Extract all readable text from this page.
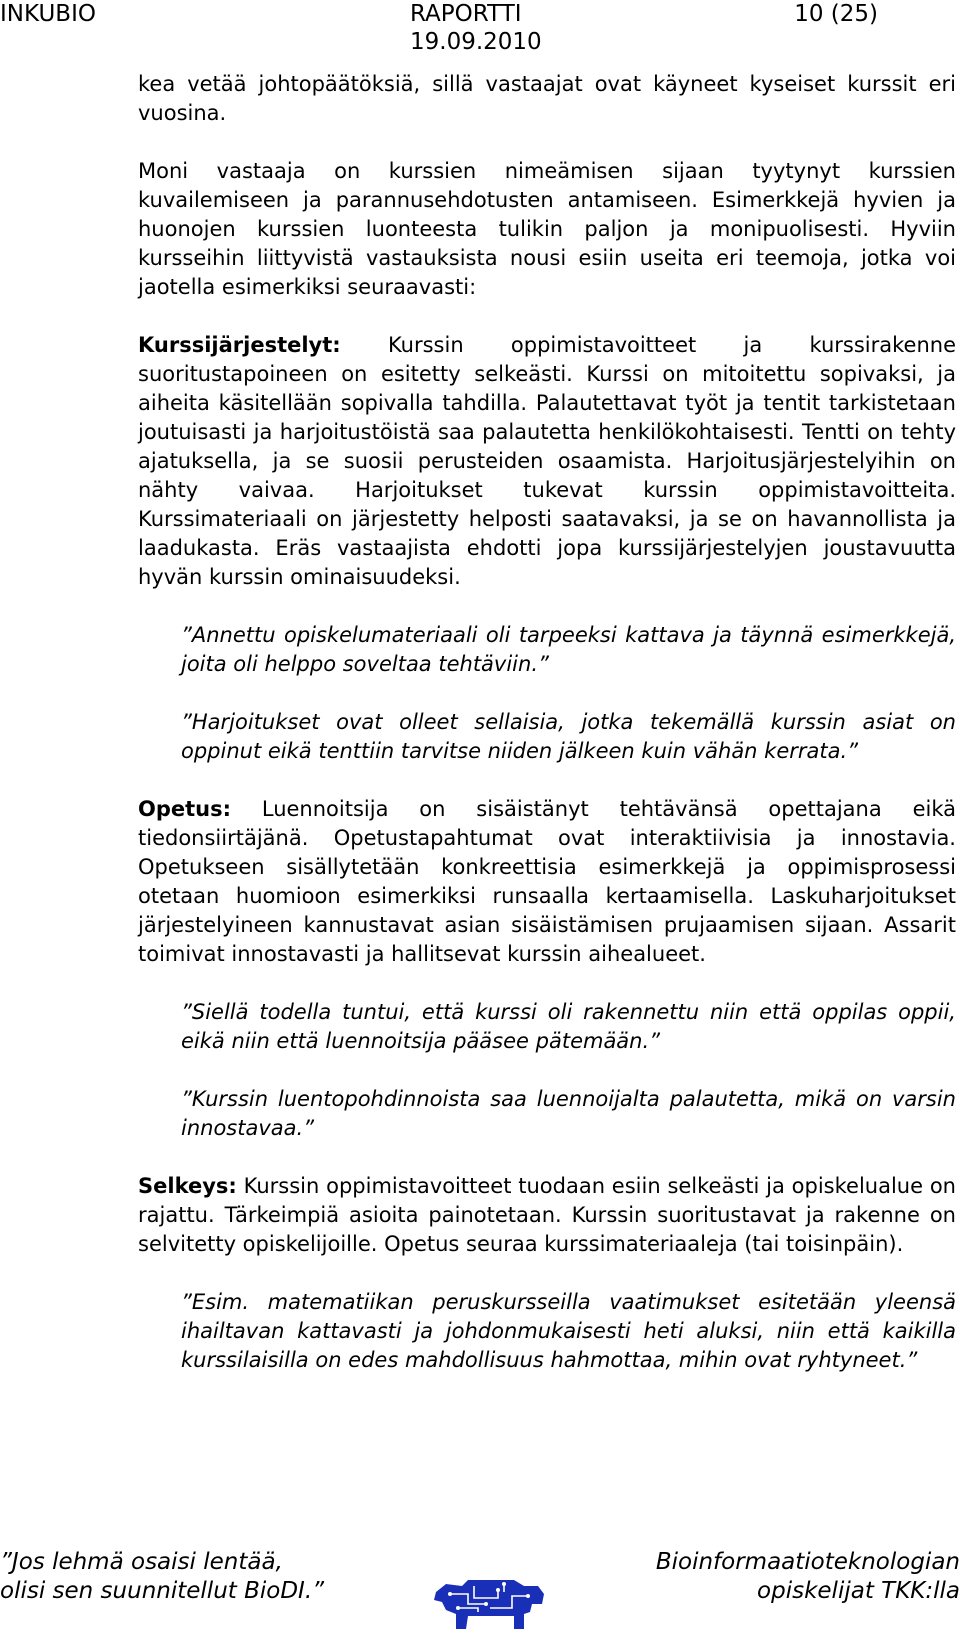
INKUBIO	RAPORTTI
19.09.2010
10 (25)

kea vetää johtopäätöksiä, sillä vastaajat ovat käyneet kyseiset kurssit eri vuosina.

Moni vastaaja on kurssien nimeämisen sijaan tyytynyt kurssien kuvailemiseen ja parannusehdotusten antamiseen. Esimerkkejä hyvien ja huonojen kurssien luonteesta tulikin paljon ja monipuolisesti. Hyviin kursseihin liittyvistä vastauksista nousi esiin useita eri teemoja, jotka voi jaotella esimerkiksi seuraavasti:

Kurssijärjestelyt: Kurssin oppimistavoitteet ja kurssirakenne suoritustapoineen on esitetty selkeästi. Kurssi on mitoitettu sopivaksi, ja aiheita käsitellään sopivalla tahdilla. Palautettavat työt ja tentit tarkistetaan joutuisasti ja harjoitustöistä saa palautetta henkilökohtaisesti. Tentti on tehty ajatuksella, ja se suosii perusteiden osaamista. Harjoitusjärjestelyihin on nähty vaivaa. Harjoitukset tukevat kurssin oppimistavoitteita. Kurssimateriaali on järjestetty helposti saatavaksi, ja se on havannollista ja laadukasta. Eräs vastaajista ehdotti jopa kurssijärjestelyjen joustavuutta hyvän kurssin ominaisuudeksi.

”Annettu opiskelumateriaali oli tarpeeksi kattava ja täynnä esimerkkejä, joita oli helppo soveltaa tehtäviin.”

”Harjoitukset ovat olleet sellaisia, jotka tekemällä kurssin asiat on oppinut eikä tenttiin tarvitse niiden jälkeen kuin vähän kerrata.”

Opetus: Luennoitsija on sisäistänyt tehtävänsä opettajana eikä tiedonsiirtäjänä. Opetustapahtumat ovat interaktiivisia ja innostavia. Opetukseen sisällytetään konkreettisia esimerkkejä ja oppimisprosessi otetaan huomioon esimerkiksi runsaalla kertaamisella. Laskuharjoitukset järjestelyineen kannustavat asian sisäistämisen prujaamisen sijaan. Assarit toimivat innostavasti ja hallitsevat kurssin aihealueet.

”Siellä todella tuntui, että kurssi oli rakennettu niin että oppilas oppii, eikä niin että luennoitsija pääsee pätemään.”

”Kurssin luentopohdinnoista saa luennoijalta palautetta, mikä on varsin innostavaa.”

Selkeys: Kurssin oppimistavoitteet tuodaan esiin selkeästi ja opiskelualue on rajattu. Tärkeimpiä asioita painotetaan. Kurssin suoritustavat ja rakenne on selvitetty opiskelijoille. Opetus seuraa kurssimateriaaleja (tai toisinpäin).

”Esim. matematiikan peruskursseilla vaatimukset esitetään yleensä ihailtavan kattavasti ja johdonmukaisesti heti aluksi, niin että kaikilla kurssilaisilla on edes mahdollisuus hahmottaa, mihin ovat ryhtyneet.”

”Jos lehmä osaisi lentää,
olisi sen suunnitellut BioDI.”
Bioinformaatioteknologian
opiskelijat TKK:lla
